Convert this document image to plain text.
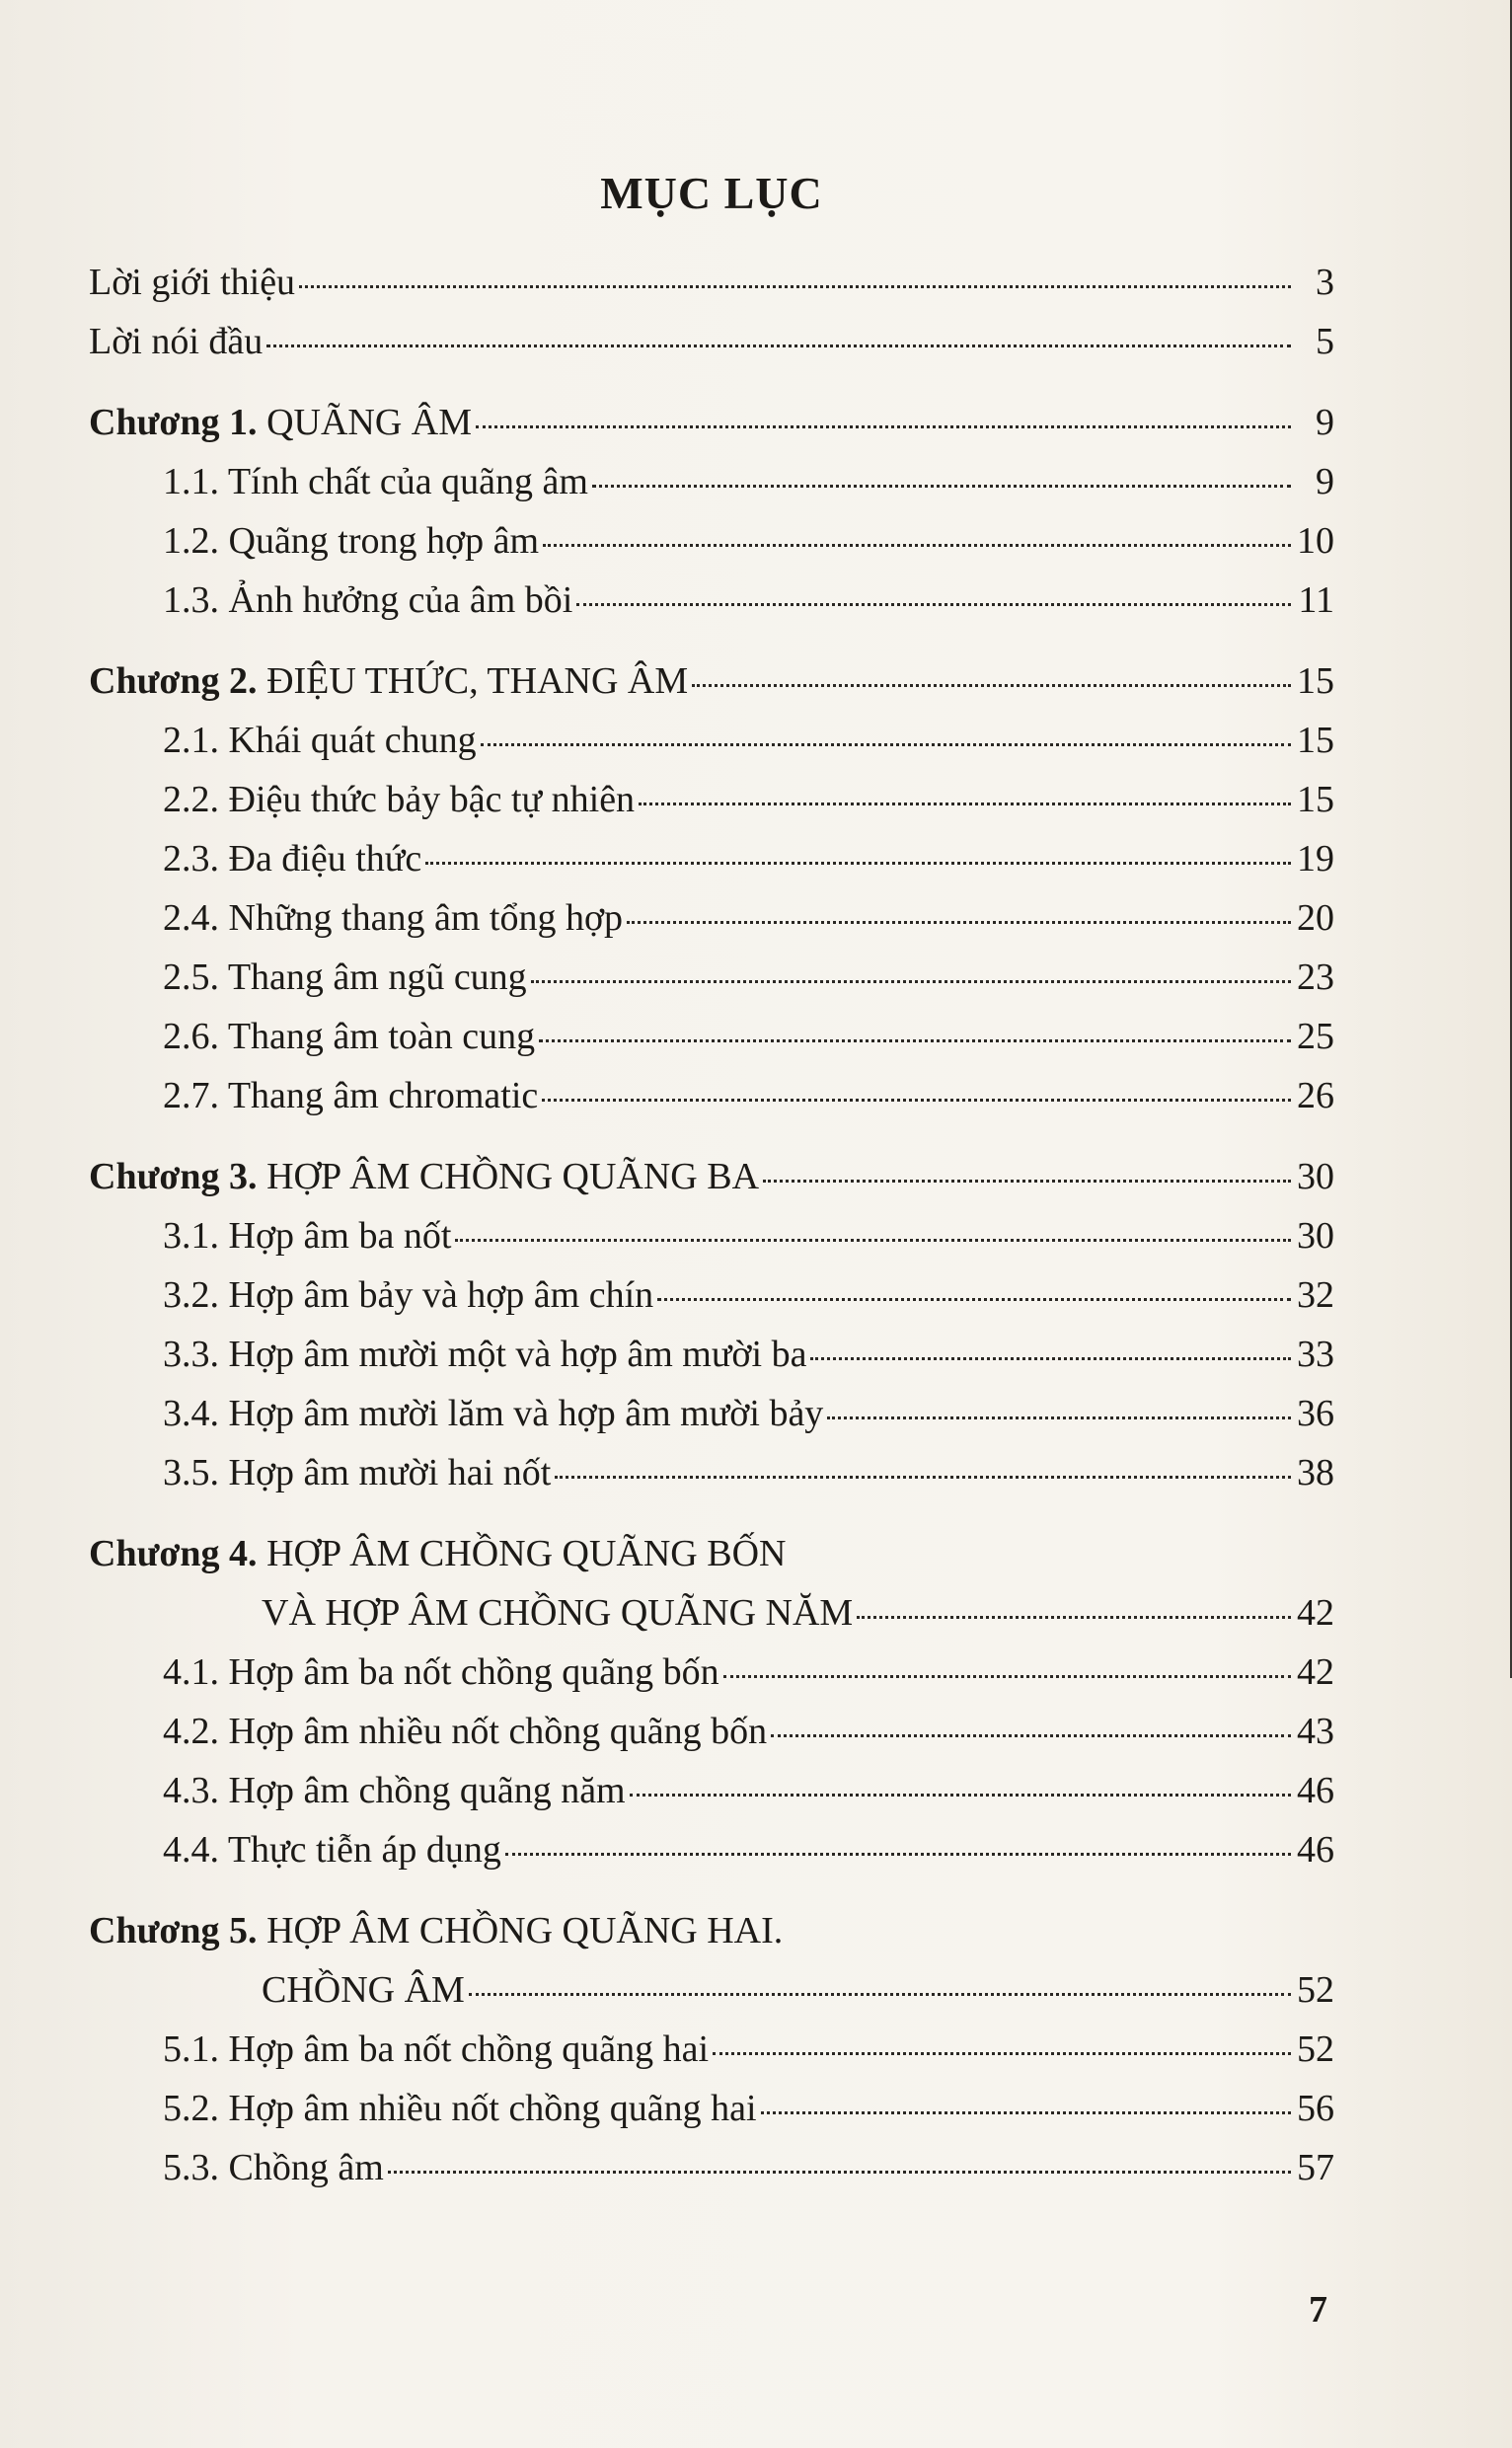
MỤC LỤC
Lời giới thiệu	3
Lời nói đầu	5
Chương 1. QUÃNG ÂM	9
1.1. Tính chất của quãng âm	9
1.2. Quãng trong hợp âm	10
1.3. Ảnh hưởng của âm bồi	11
Chương 2. ĐIỆU THỨC, THANG ÂM	15
2.1. Khái quát chung	15
2.2. Điệu thức bảy bậc tự nhiên	15
2.3. Đa điệu thức	19
2.4. Những thang âm tổng hợp	20
2.5. Thang âm ngũ cung	23
2.6. Thang âm toàn cung	25
2.7. Thang âm chromatic	26
Chương 3. HỢP ÂM CHỒNG QUÃNG BA	30
3.1. Hợp âm ba nốt	30
3.2. Hợp âm bảy và hợp âm chín	32
3.3. Hợp âm mười một và hợp âm mười ba	33
3.4. Hợp âm mười lăm và hợp âm mười bảy	36
3.5. Hợp âm mười hai nốt	38
Chương 4. HỢP ÂM CHỒNG QUÃNG BỐN
VÀ HỢP ÂM CHỒNG QUÃNG NĂM	42
4.1. Hợp âm ba nốt chồng quãng bốn	42
4.2. Hợp âm nhiều nốt chồng quãng bốn	43
4.3. Hợp âm chồng quãng năm	46
4.4. Thực tiễn áp dụng	46
Chương 5. HỢP ÂM CHỒNG QUÃNG HAI.
CHỒNG ÂM	52
5.1. Hợp âm ba nốt chồng quãng hai	52
5.2. Hợp âm nhiều nốt chồng quãng hai	56
5.3. Chồng âm	57
7
